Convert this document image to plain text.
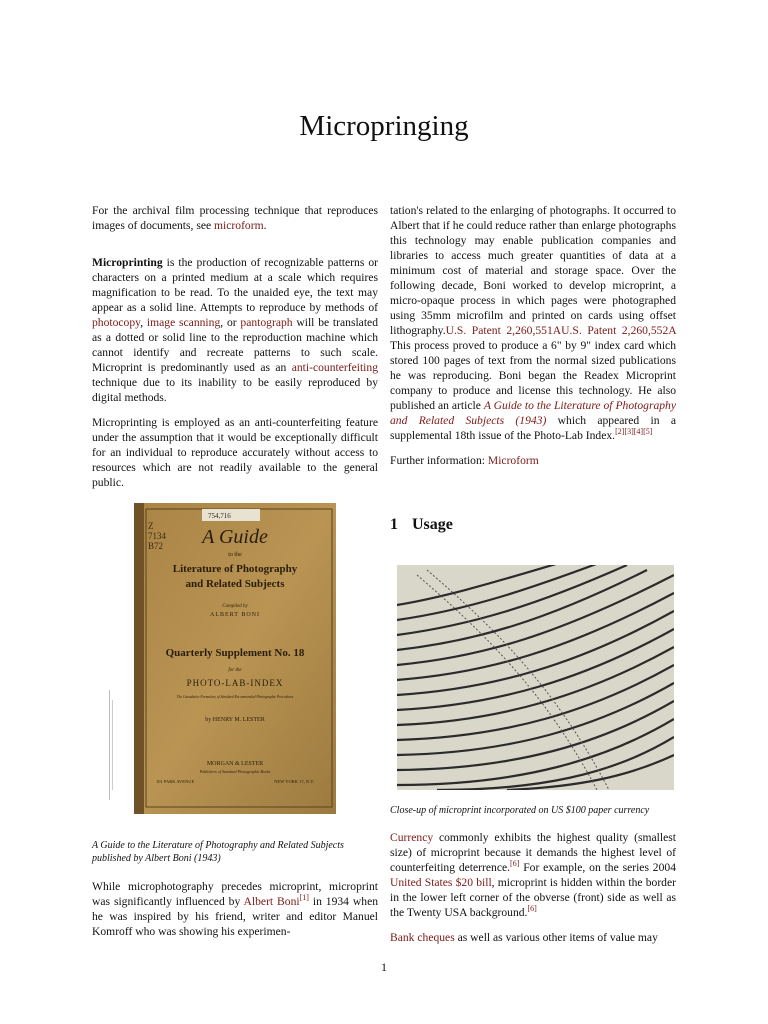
Micropringing

For the archival film processing technique that reproduces images of documents, see microform.

Microprinting is the production of recognizable patterns or characters on a printed medium at a scale which requires magnification to be read. To the unaided eye, the text may appear as a solid line. Attempts to reproduce by methods of photocopy, image scanning, or pantograph will be translated as a dotted or solid line to the reproduction machine which cannot identify and recreate patterns to such scale. Microprint is predominantly used as an anti-counterfeiting technique due to its inability to be easily reproduced by digital methods.

Microprinting is employed as an anti-counterfeiting feature under the assumption that it would be exceptionally difficult for an individual to reproduce accurately without access to resources which are not readily available to the general public.

754,716
Z
7134
B72 A Guide
to the
Literature of Photography
and Related Subjects
Compiled by
ALBERT BONI
Quarterly Supplement No. 18
for the
PHOTO-LAB-INDEX
The Cumulative Formulary of Standard Recommended Photographic Procedures
by HENRY M. LESTER
MORGAN & LESTER
Publishers of Standard Photographic Books
101 PARK AVENUE	NEW YORK 17, N.Y.
A Guide to the Literature of Photography and Related Subjects published by Albert Boni (1943)

While microphotography precedes microprint, microprint was significantly influenced by Albert Boni[1] in 1934 when he was inspired by his friend, writer and editor Manuel Komroff who was showing his experimen-

tation's related to the enlarging of photographs. It occurred to Albert that if he could reduce rather than enlarge photographs this technology may enable publication companies and libraries to access much greater quantities of data at a minimum cost of material and storage space. Over the following decade, Boni worked to develop microprint, a micro-opaque process in which pages were photographed using 35mm microfilm and printed on cards using offset lithography.U.S. Patent 2,260,551AU.S. Patent 2,260,552A This process proved to produce a 6" by 9" index card which stored 100 pages of text from the normal sized publications he was reproducing. Boni began the Readex Microprint company to produce and license this technology. He also published an article A Guide to the Literature of Photography and Related Subjects (1943) which appeared in a supplemental 18th issue of the Photo-Lab Index.[2][3][4][5]

Further information: Microform

1 Usage
Close-up of microprint incorporated on US $100 paper currency

Currency commonly exhibits the highest quality (smallest size) of microprint because it demands the highest level of counterfeiting deterrence.[6] For example, on the series 2004 United States $20 bill, microprint is hidden within the border in the lower left corner of the obverse (front) side as well as the Twenty USA background.[6]

Bank cheques as well as various other items of value may

1
